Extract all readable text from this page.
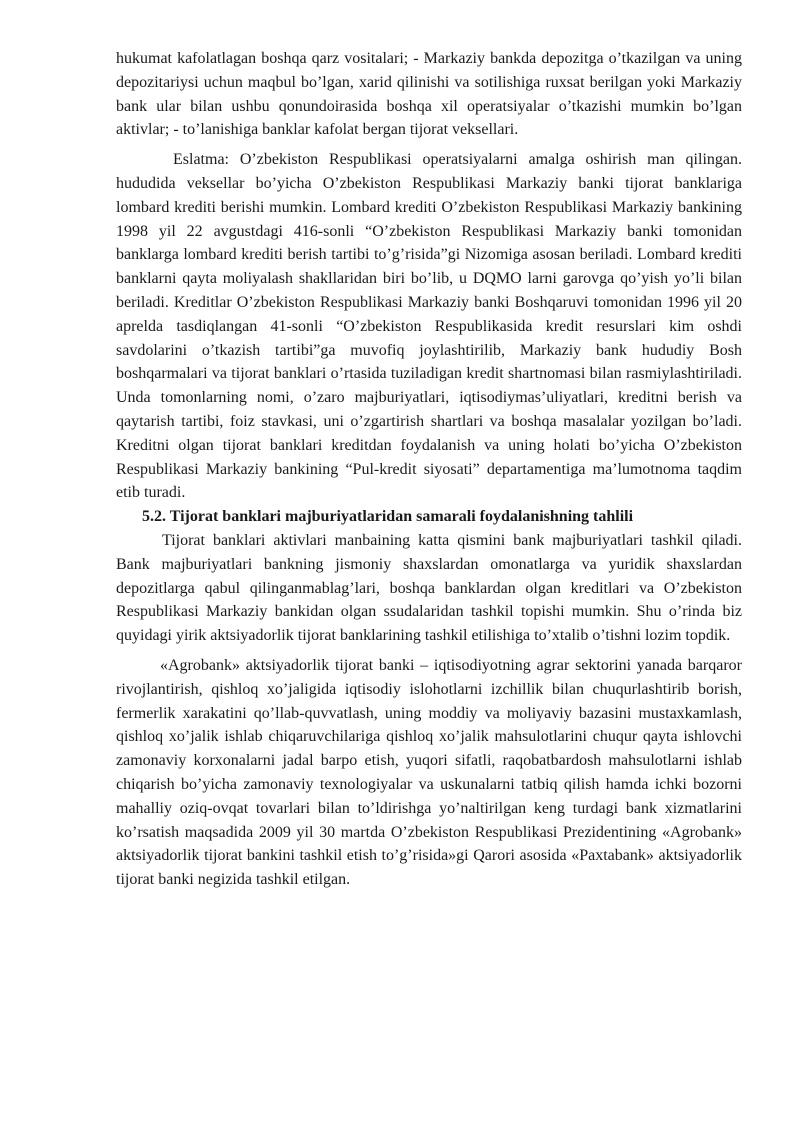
hukumat kafolatlagan boshqa qarz vositalari; - Markaziy bankda depozitga o’tkazilgan va uning depozitariysi uchun maqbul bo’lgan, xarid qilinishi va sotilishiga ruxsat berilgan yoki Markaziy bank ular bilan ushbu qonundoirasida boshqa xil operatsiyalar o’tkazishi mumkin bo’lgan aktivlar; - to’lanishiga banklar kafolat bergan tijorat veksellari.

Eslatma: O’zbekiston Respublikasi operatsiyalarni amalga oshirish man qilingan. hududida veksellar bo’yicha O’zbekiston Respublikasi Markaziy banki tijorat banklariga lombard krediti berishi mumkin. Lombard krediti O’zbekiston Respublikasi Markaziy bankining 1998 yil 22 avgustdagi 416-sonli “O’zbekiston Respublikasi Markaziy banki tomonidan banklarga lombard krediti berish tartibi to’g’risida”gi Nizomiga asosan beriladi. Lombard krediti banklarni qayta moliyalash shakllaridan biri bo’lib, u DQMO larni garovga qo’yish yo’li bilan beriladi. Kreditlar O’zbekiston Respublikasi Markaziy banki Boshqaruvi tomonidan 1996 yil 20 aprelda tasdiqlangan 41-sonli “O’zbekiston Respublikasida kredit resurslari kim oshdi savdolarini o’tkazish tartibi”ga muvofiq joylashtirilib, Markaziy bank hududiy Bosh boshqarmalari va tijorat banklari o’rtasida tuziladigan kredit shartnomasi bilan rasmiylashtiriladi. Unda tomonlarning nomi, o’zaro majburiyatlari, iqtisodiymas’uliyatlari, kreditni berish va qaytarish tartibi, foiz stavkasi, uni o’zgartirish shartlari va boshqa masalalar yozilgan bo’ladi. Kreditni olgan tijorat banklari kreditdan foydalanish va uning holati bo’yicha O’zbekiston Respublikasi Markaziy bankining “Pul-kredit siyosati” departamentiga ma’lumotnoma taqdim etib turadi.

5.2. Tijorat banklari majburiyatlaridan samarali foydalanishning tahlili

Tijorat banklari aktivlari manbaining katta qismini bank majburiyatlari tashkil qiladi. Bank majburiyatlari bankning jismoniy shaxslardan omonatlarga va yuridik shaxslardan depozitlarga qabul qilinganmablag’lari, boshqa banklardan olgan kreditlari va O’zbekiston Respublikasi Markaziy bankidan olgan ssudalaridan tashkil topishi mumkin. Shu o’rinda biz quyidagi yirik aktsiyadorlik tijorat banklarining tashkil etilishiga to’xtalib o’tishni lozim topdik.

«Agrobank» aktsiyadorlik tijorat banki – iqtisodiyotning agrar sektorini yanada barqaror rivojlantirish, qishloq xo’jaligida iqtisodiy islohotlarni izchillik bilan chuqurlashtirib borish, fermerlik xarakatini qo’llab-quvvatlash, uning moddiy va moliyaviy bazasini mustaxkamlash, qishloq xo’jalik ishlab chiqaruvchilariga qishloq xo’jalik mahsulotlarini chuqur qayta ishlovchi zamonaviy korxonalarni jadal barpo etish, yuqori sifatli, raqobatbardosh mahsulotlarni ishlab chiqarish bo’yicha zamonaviy texnologiyalar va uskunalarni tatbiq qilish hamda ichki bozorni mahalliy oziq-ovqat tovarlari bilan to’ldirishga yo’naltirilgan keng turdagi bank xizmatlarini ko’rsatish maqsadida 2009 yil 30 martda O’zbekiston Respublikasi Prezidentining «Agrobank» aktsiyadorlik tijorat bankini tashkil etish to’g’risida»gi Qarori asosida «Paxtabank» aktsiyadorlik tijorat banki negizida tashkil etilgan.
